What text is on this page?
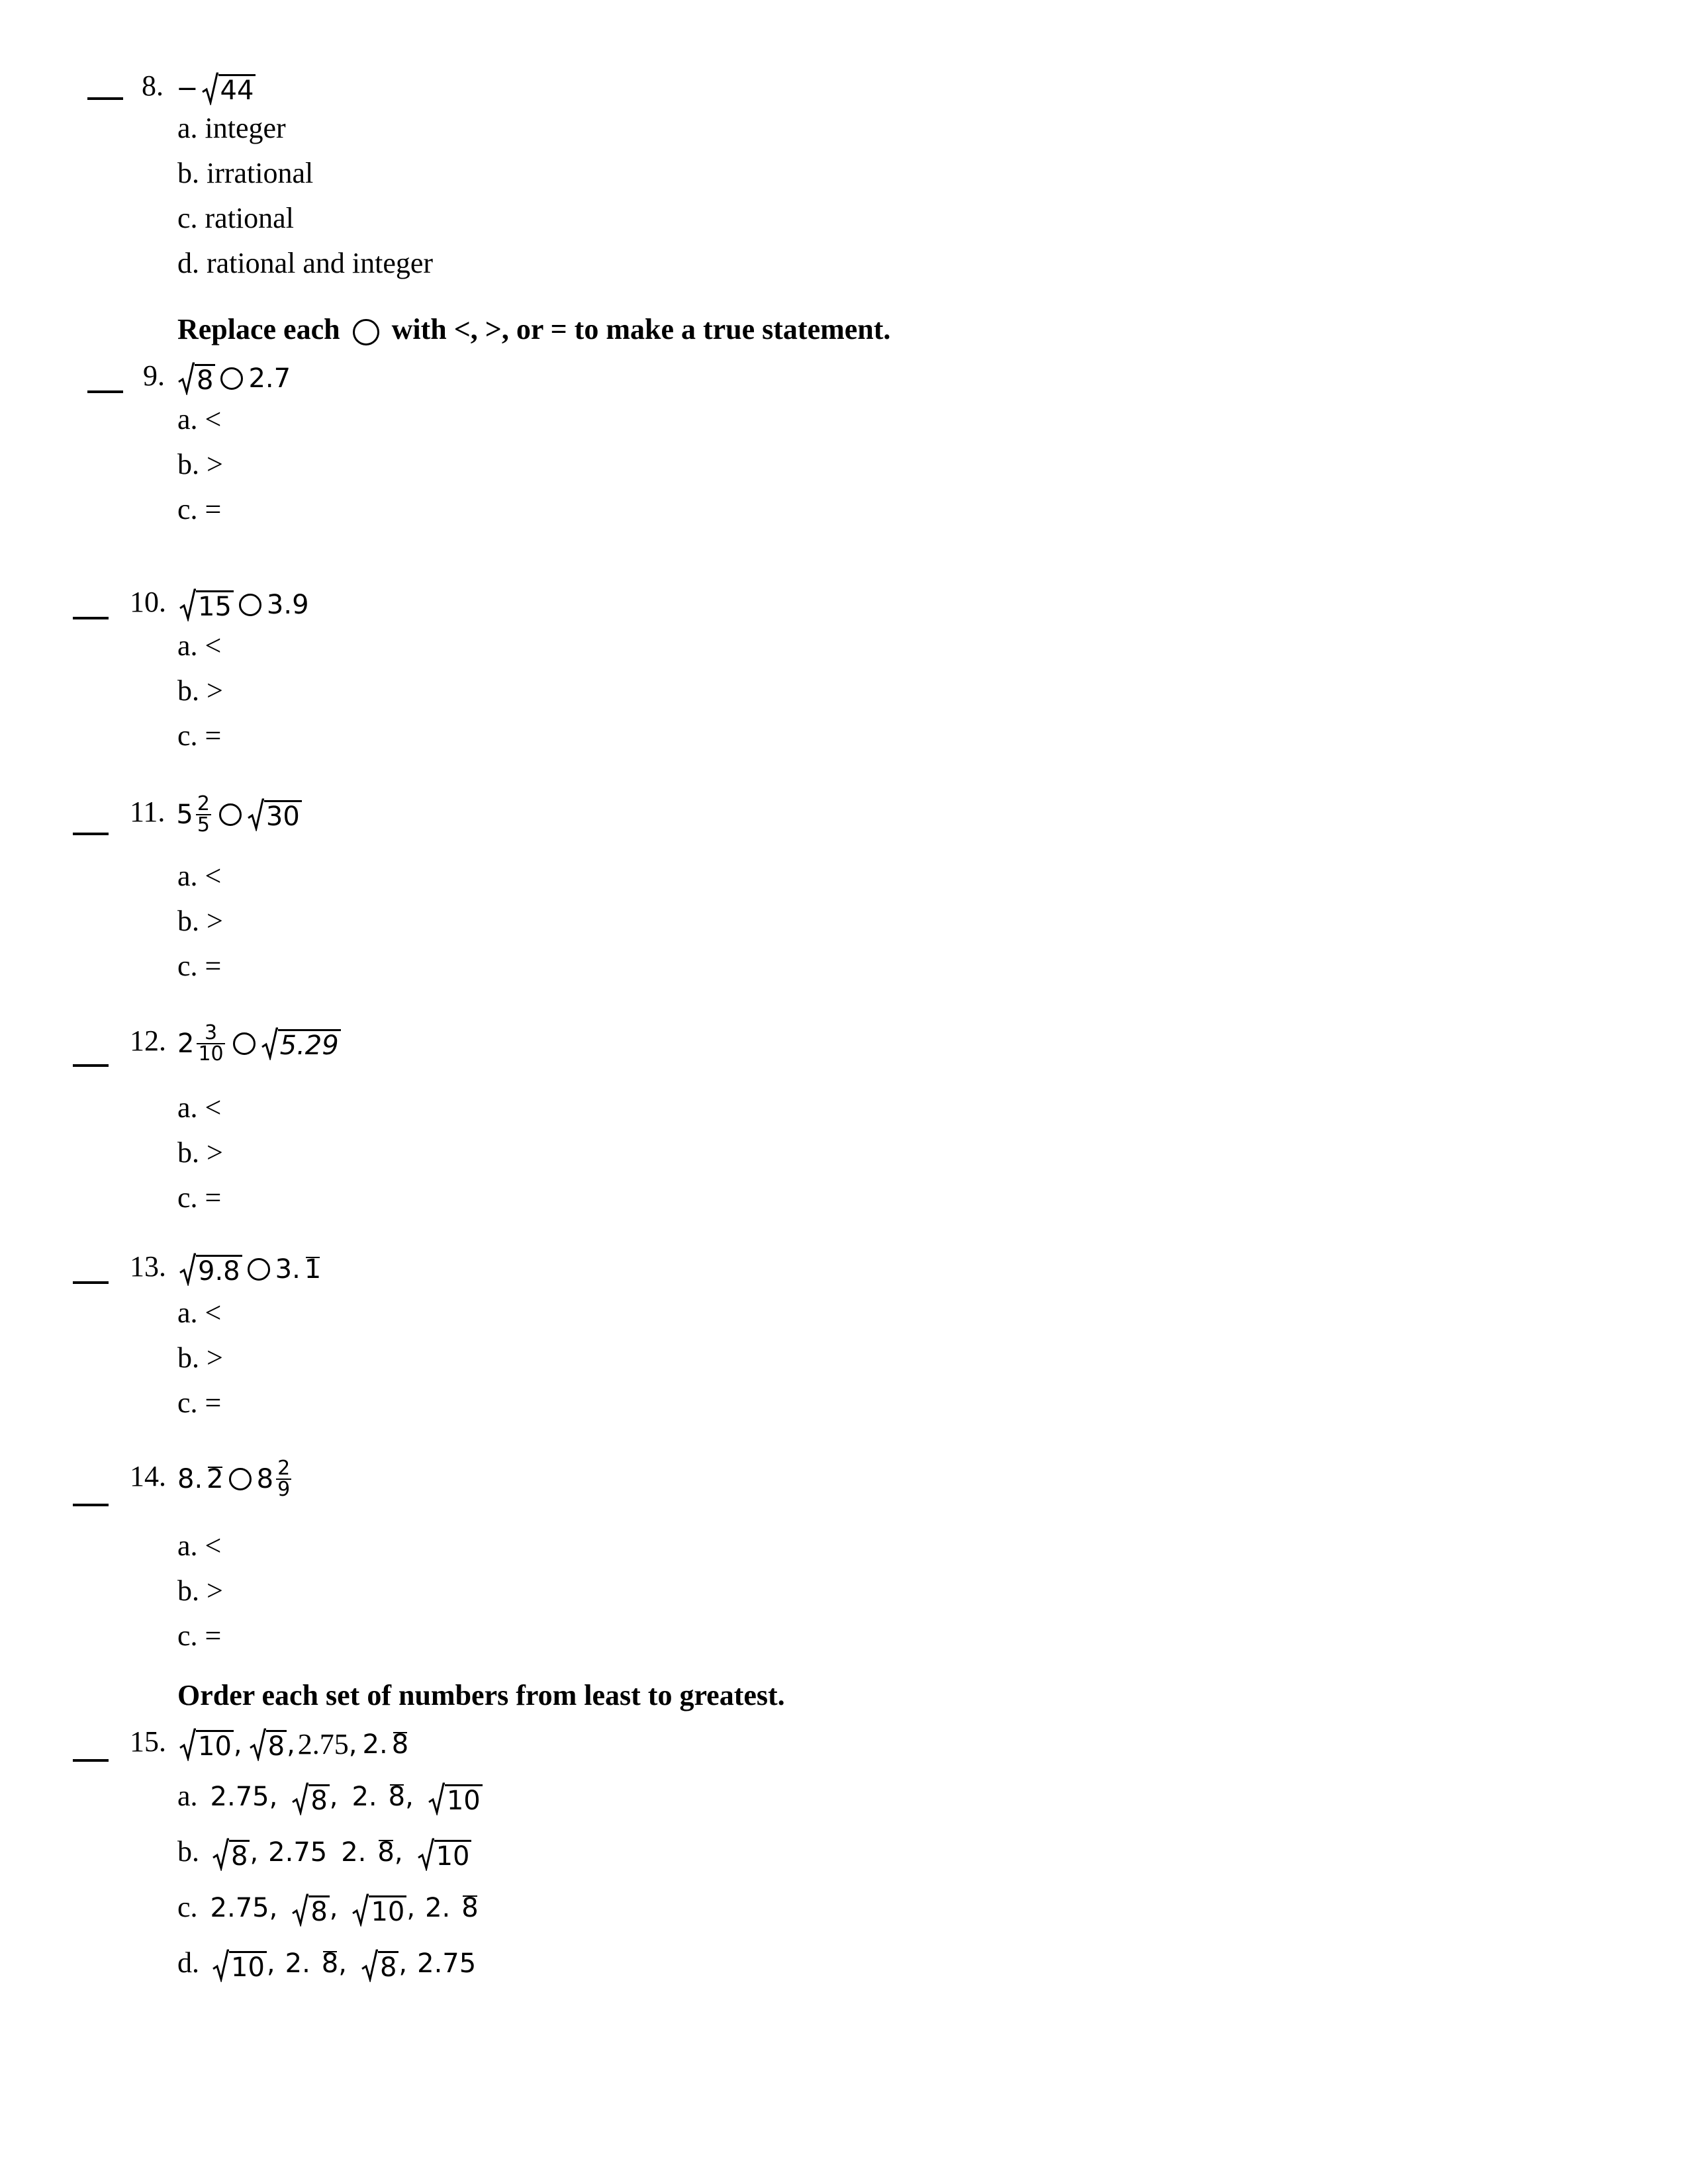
8. − 44
a. integer
b. irrational
c. rational
d. rational and integer
Replace each with <, >, or = to make a true statement.
9. 8 2.7
a. <
b. >
c. =
10. 15 3.9
a. <
b. >
c. =
11. $5 \frac{2}{5} 30$
a. <
b. >
c. =
12. $2 \frac{3}{10} 5.29$
a. <
b. >
c. =
13. 9.8 3. 1
a. <
b. >
c. =
14. 8. 2 $8 \frac{2}{9}$
a. <
b. >
c. =
Order each set of numbers from least to greatest.
15. 10 , 8 , 2.75 , 2. 8
a. 2.75, 8 , 2. 8, 10
b. 8 , 2.75 2. 8, 10
c. 2.75, 8 , 10 , 2. 8
d. 10 , 2. 8, 8 , 2.75
